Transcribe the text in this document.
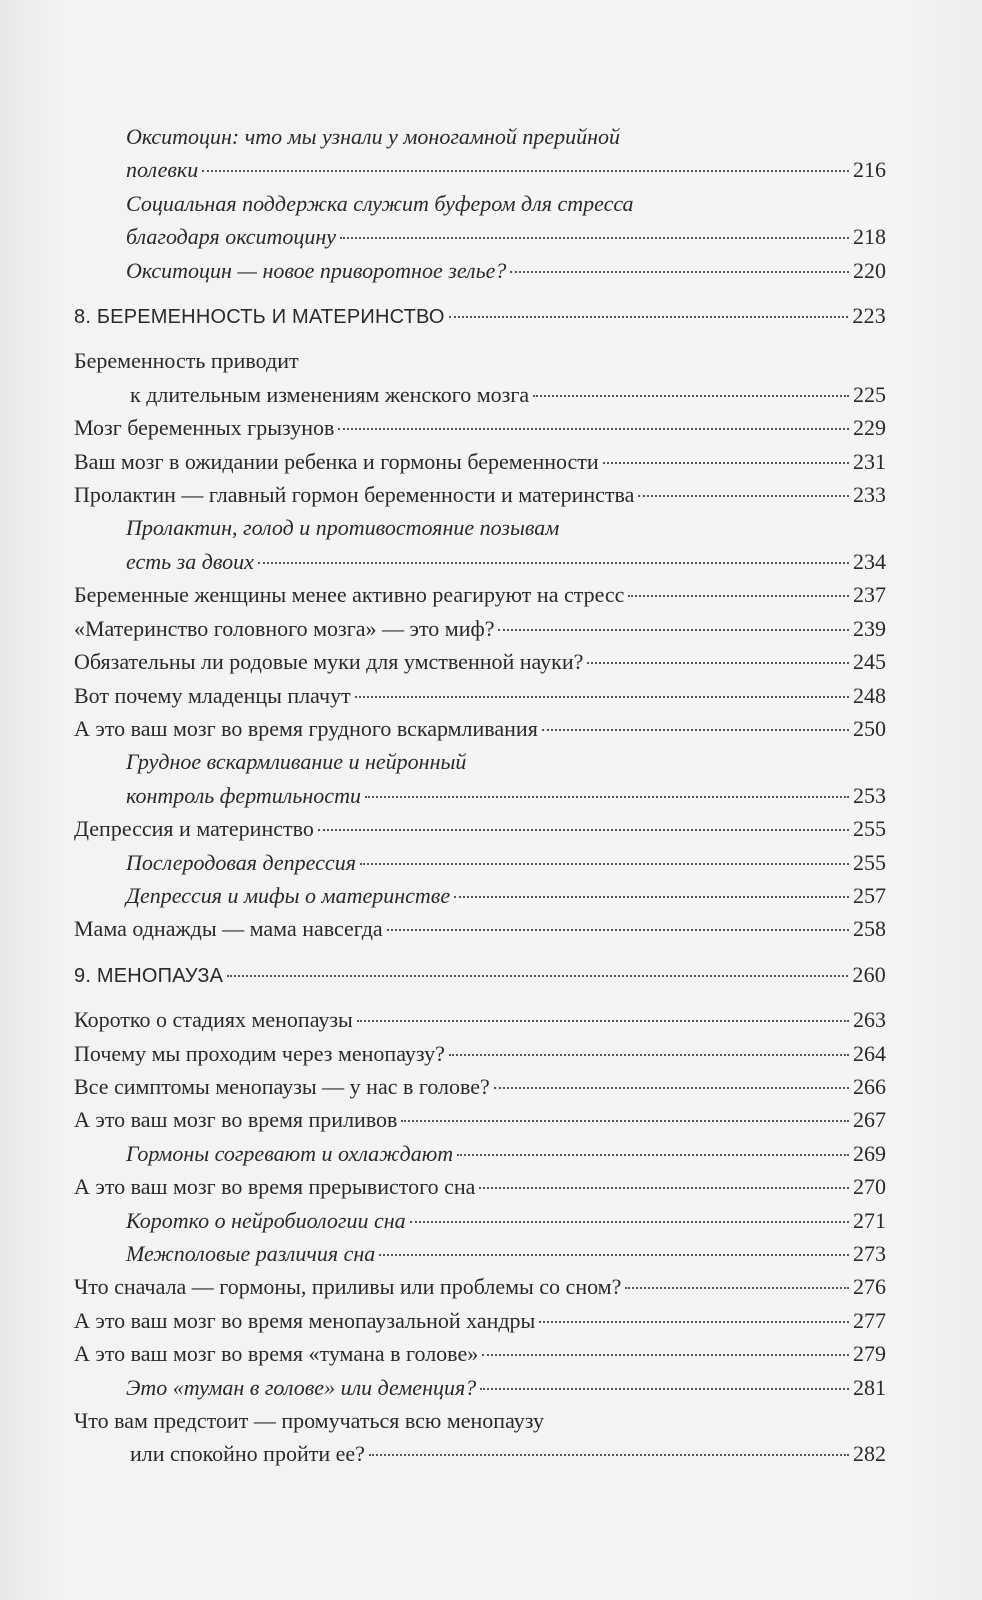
Окситоцин: что мы узнали у моногамной прерийной
полевки	216
Социальная поддержка служит буфером для стресса
благодаря окситоцину	218
Окситоцин — новое приворотное зелье?	220
8. БЕРЕМЕННОСТЬ И МАТЕРИНСТВО	223
Беременность приводит
к длительным изменениям женского мозга	225
Мозг беременных грызунов	229
Ваш мозг в ожидании ребенка и гормоны беременности	231
Пролактин — главный гормон беременности и материнства	233
Пролактин, голод и противостояние позывам
есть за двоих	234
Беременные женщины менее активно реагируют на стресс	237
«Материнство головного мозга» — это миф?	239
Обязательны ли родовые муки для умственной науки?	245
Вот почему младенцы плачут	248
А это ваш мозг во время грудного вскармливания	250
Грудное вскармливание и нейронный
контроль фертильности	253
Депрессия и материнство	255
Послеродовая депрессия	255
Депрессия и мифы о материнстве	257
Мама однажды — мама навсегда	258
9. МЕНОПАУЗА	260
Коротко о стадиях менопаузы	263
Почему мы проходим через менопаузу?	264
Все симптомы менопаузы — у нас в голове?	266
А это ваш мозг во время приливов	267
Гормоны согревают и охлаждают	269
А это ваш мозг во время прерывистого сна	270
Коротко о нейробиологии сна	271
Межполовые различия сна	273
Что сначала — гормоны, приливы или проблемы со сном?	276
А это ваш мозг во время менопаузальной хандры	277
А это ваш мозг во время «тумана в голове»	279
Это «туман в голове» или деменция?	281
Что вам предстоит — промучаться всю менопаузу
или спокойно пройти ее?	282
